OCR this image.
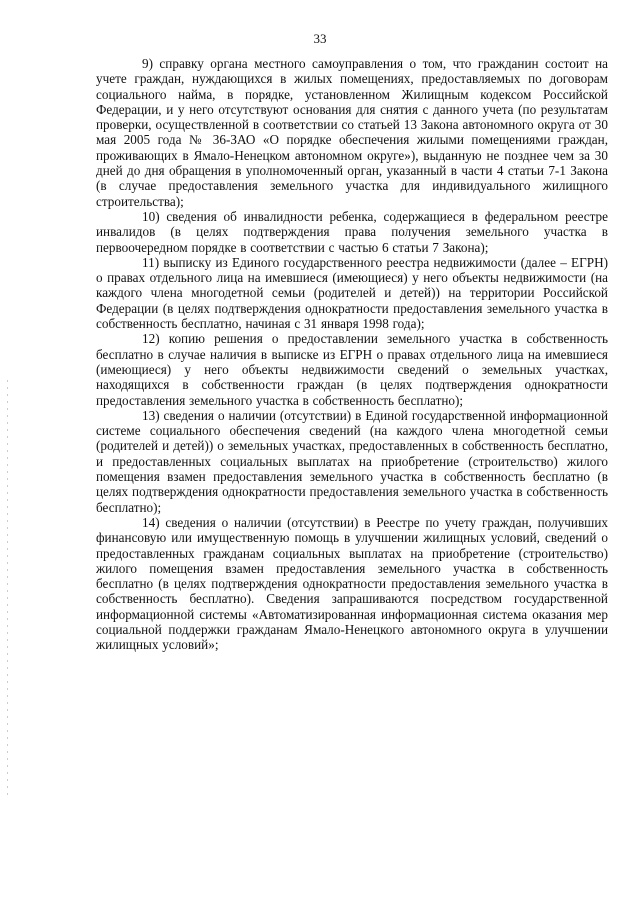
33

9) справку органа местного самоуправления о том, что гражданин состоит на учете граждан, нуждающихся в жилых помещениях, предоставляемых по договорам социального найма, в порядке, установленном Жилищным кодексом Российской Федерации, и у него отсутствуют основания для снятия с данного учета (по результатам проверки, осуществленной в соответствии со статьей 13 Закона автономного округа от 30 мая 2005 года № 36-ЗАО «О порядке обеспечения жилыми помещениями граждан, проживающих в Ямало-Ненецком автономном округе»), выданную не позднее чем за 30 дней до дня обращения в уполномоченный орган, указанный в части 4 статьи 7-1 Закона (в случае предоставления земельного участка для индивидуального жилищного строительства);

10) сведения об инвалидности ребенка, содержащиеся в федеральном реестре инвалидов (в целях подтверждения права получения земельного участка в первоочередном порядке в соответствии с частью 6 статьи 7 Закона);

11) выписку из Единого государственного реестра недвижимости (далее – ЕГРН) о правах отдельного лица на имевшиеся (имеющиеся) у него объекты недвижимости (на каждого члена многодетной семьи (родителей и детей)) на территории Российской Федерации (в целях подтверждения однократности предоставления земельного участка в собственность бесплатно, начиная с 31 января 1998 года);

12) копию решения о предоставлении земельного участка в собственность бесплатно в случае наличия в выписке из ЕГРН о правах отдельного лица на имевшиеся (имеющиеся) у него объекты недвижимости сведений о земельных участках, находящихся в собственности граждан (в целях подтверждения однократности предоставления земельного участка в собственность бесплатно);

13) сведения о наличии (отсутствии) в Единой государственной информационной системе социального обеспечения сведений (на каждого члена многодетной семьи (родителей и детей)) о земельных участках, предоставленных в собственность бесплатно, и предоставленных социальных выплатах на приобретение (строительство) жилого помещения взамен предоставления земельного участка в собственность бесплатно (в целях подтверждения однократности предоставления земельного участка в собственность бесплатно);

14) сведения о наличии (отсутствии) в Реестре по учету граждан, получивших финансовую или имущественную помощь в улучшении жилищных условий, сведений о предоставленных гражданам социальных выплатах на приобретение (строительство) жилого помещения взамен предоставления земельного участка в собственность бесплатно (в целях подтверждения однократности предоставления земельного участка в собственность бесплатно). Сведения запрашиваются посредством государственной информационной системы «Автоматизированная информационная система оказания мер социальной поддержки гражданам Ямало-Ненецкого автономного округа в улучшении жилищных условий»;
